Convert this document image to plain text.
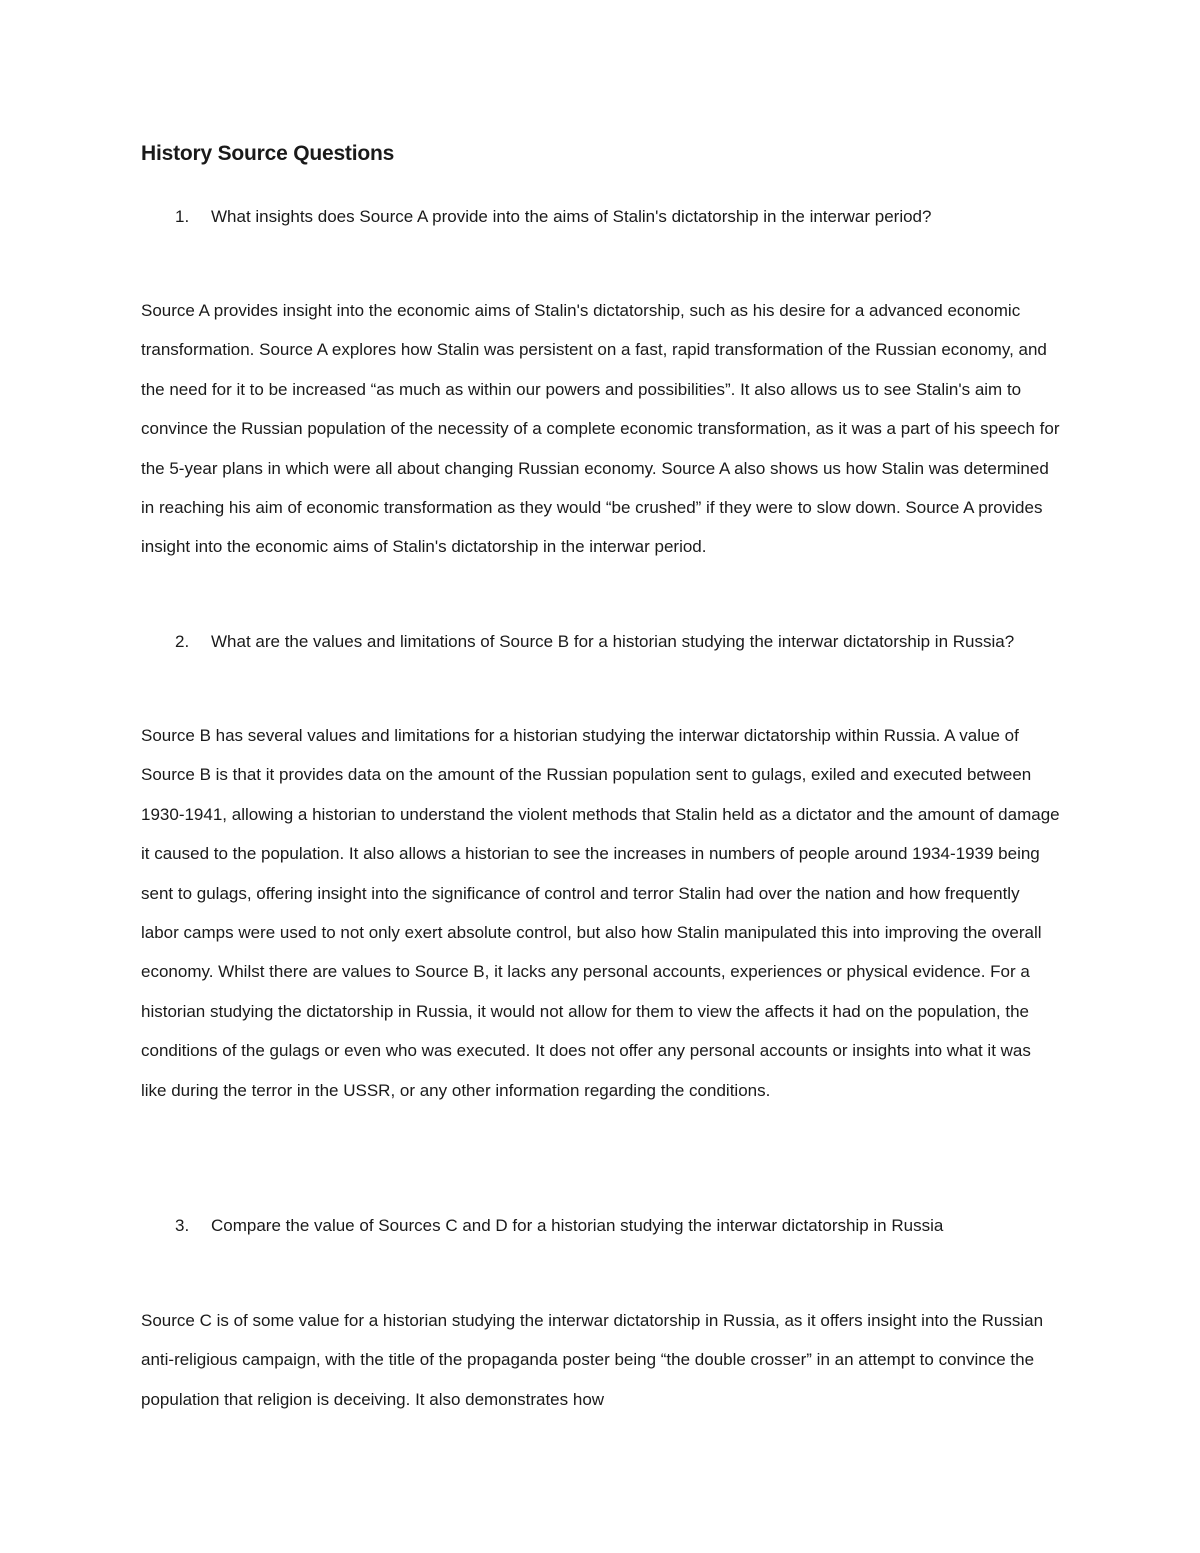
History Source Questions
1. What insights does Source A provide into the aims of Stalin's dictatorship in the interwar period?

Source A provides insight into the economic aims of Stalin's dictatorship, such as his desire for a advanced economic transformation. Source A explores how Stalin was persistent on a fast, rapid transformation of the Russian economy, and the need for it to be increased “as much as within our powers and possibilities”. It also allows us to see Stalin's aim to convince the Russian population of the necessity of a complete economic transformation, as it was a part of his speech for the 5-year plans in which were all about changing Russian economy. Source A also shows us how Stalin was determined in reaching his aim of economic transformation as they would “be crushed” if they were to slow down. Source A provides insight into the economic aims of Stalin's dictatorship in the interwar period.

2. What are the values and limitations of Source B for a historian studying the interwar dictatorship in Russia?

Source B has several values and limitations for a historian studying the interwar dictatorship within Russia. A value of Source B is that it provides data on the amount of the Russian population sent to gulags, exiled and executed between 1930-1941, allowing a historian to understand the violent methods that Stalin held as a dictator and the amount of damage it caused to the population. It also allows a historian to see the increases in numbers of people around 1934-1939 being sent to gulags, offering insight into the significance of control and terror Stalin had over the nation and how frequently labor camps were used to not only exert absolute control, but also how Stalin manipulated this into improving the overall economy. Whilst there are values to Source B, it lacks any personal accounts, experiences or physical evidence. For a historian studying the dictatorship in Russia, it would not allow for them to view the affects it had on the population, the conditions of the gulags or even who was executed. It does not offer any personal accounts or insights into what it was like during the terror in the USSR, or any other information regarding the conditions.

3. Compare the value of Sources C and D for a historian studying the interwar dictatorship in Russia

Source C is of some value for a historian studying the interwar dictatorship in Russia, as it offers insight into the Russian anti-religious campaign, with the title of the propaganda poster being “the double crosser” in an attempt to convince the population that religion is deceiving. It also demonstrates how
